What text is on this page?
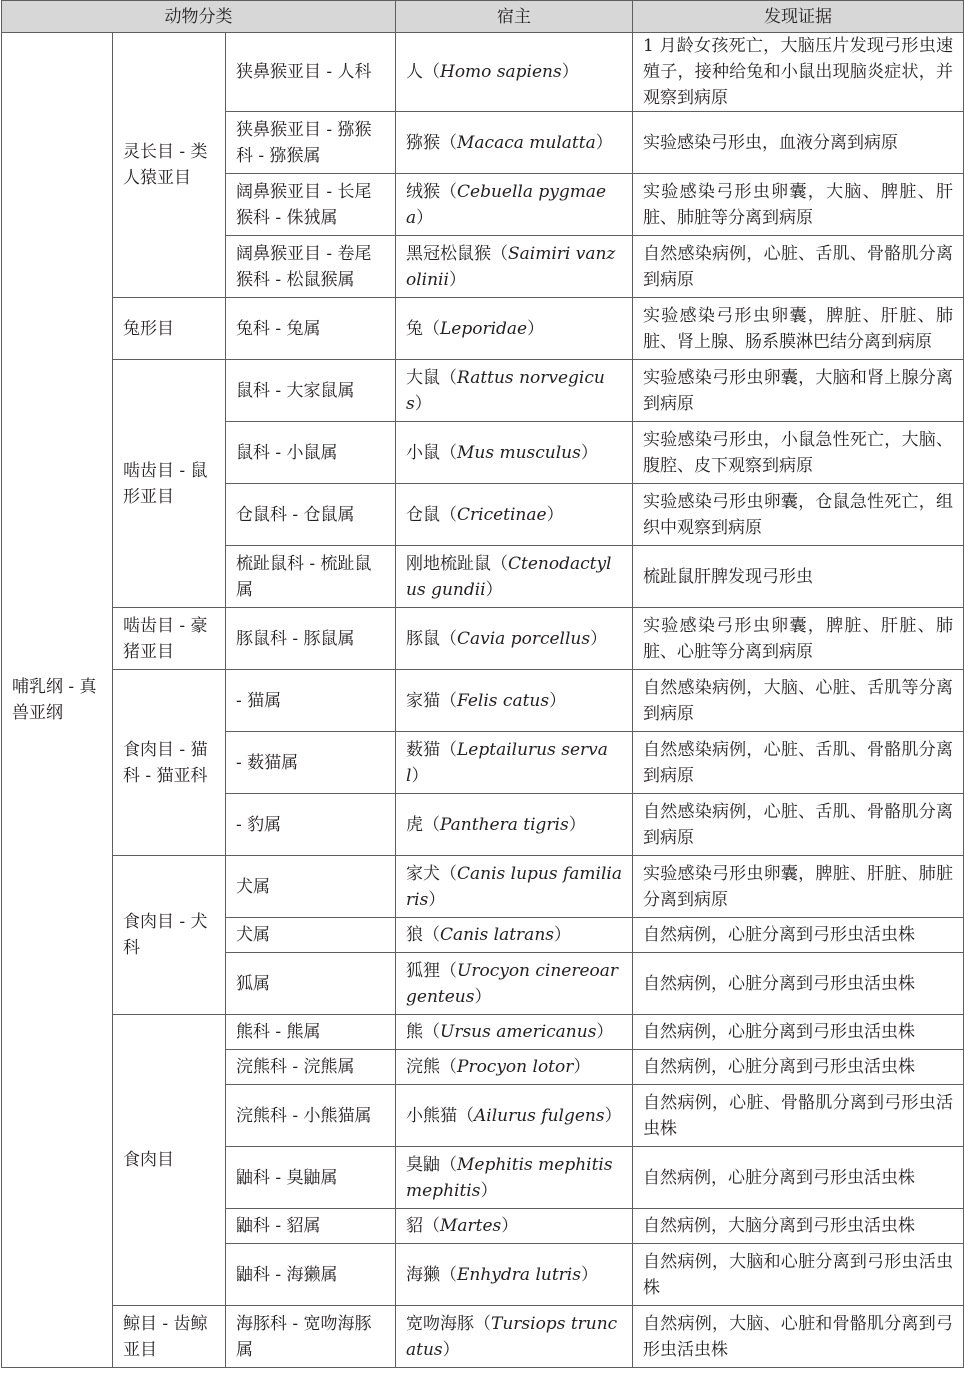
动物分类			宿主	发现证据
哺乳纲 - 真兽亚纲	灵长目 - 类人猿亚目	狭鼻猴亚目 - 人科	人（Homo sapiens）	1 月龄女孩死亡，大脑压片发现弓形虫速殖子，接种给兔和小鼠出现脑炎症状，并观察到病原
		狭鼻猴亚目 - 猕猴科 - 猕猴属	猕猴（Macaca mulatta）	实验感染弓形虫，血液分离到病原
		阔鼻猴亚目 - 长尾猴科 - 侏狨属	绒猴（Cebuella pygmaea）	实验感染弓形虫卵囊，大脑、脾脏、肝脏、肺脏等分离到病原
		阔鼻猴亚目 - 卷尾猴科 - 松鼠猴属	黑冠松鼠猴（Saimiri vanzolinii）	自然感染病例，心脏、舌肌、骨骼肌分离到病原
	兔形目	兔科 - 兔属	兔（Leporidae）	实验感染弓形虫卵囊，脾脏、肝脏、肺脏、肾上腺、肠系膜淋巴结分离到病原
	啮齿目 - 鼠形亚目	鼠科 - 大家鼠属	大鼠（Rattus norvegicus）	实验感染弓形虫卵囊，大脑和肾上腺分离到病原
		鼠科 - 小鼠属	小鼠（Mus musculus）	实验感染弓形虫，小鼠急性死亡，大脑、腹腔、皮下观察到病原
		仓鼠科 - 仓鼠属	仓鼠（Cricetinae）	实验感染弓形虫卵囊，仓鼠急性死亡，组织中观察到病原
		梳趾鼠科 - 梳趾鼠属	刚地梳趾鼠（Ctenodactylus gundii）	梳趾鼠肝脾发现弓形虫
	啮齿目 - 豪猪亚目	豚鼠科 - 豚鼠属	豚鼠（Cavia porcellus）	实验感染弓形虫卵囊，脾脏、肝脏、肺脏、心脏等分离到病原
	食肉目 - 猫科 - 猫亚科	- 猫属	家猫（Felis catus）	自然感染病例，大脑、心脏、舌肌等分离到病原
		- 薮猫属	薮猫（Leptailurus serval）	自然感染病例，心脏、舌肌、骨骼肌分离到病原
		- 豹属	虎（Panthera tigris）	自然感染病例，心脏、舌肌、骨骼肌分离到病原
	食肉目 - 犬科	犬属	家犬（Canis lupus familiaris）	实验感染弓形虫卵囊，脾脏、肝脏、肺脏分离到病原
		犬属	狼（Canis latrans）	自然病例，心脏分离到弓形虫活虫株
		狐属	狐狸（Urocyon cinereoargenteus）	自然病例，心脏分离到弓形虫活虫株
	食肉目	熊科 - 熊属	熊（Ursus americanus）	自然病例，心脏分离到弓形虫活虫株
		浣熊科 - 浣熊属	浣熊（Procyon lotor）	自然病例，心脏分离到弓形虫活虫株
		浣熊科 - 小熊猫属	小熊猫（Ailurus fulgens）	自然病例，心脏、骨骼肌分离到弓形虫活虫株
		鼬科 - 臭鼬属	臭鼬（Mephitis mephitis mephitis）	自然病例，心脏分离到弓形虫活虫株
		鼬科 - 貂属	貂（Martes）	自然病例，大脑分离到弓形虫活虫株
		鼬科 - 海獭属	海獭（Enhydra lutris）	自然病例，大脑和心脏分离到弓形虫活虫株
	鲸目 - 齿鲸亚目	海豚科 - 宽吻海豚属	宽吻海豚（Tursiops truncatus）	自然病例，大脑、心脏和骨骼肌分离到弓形虫活虫株
